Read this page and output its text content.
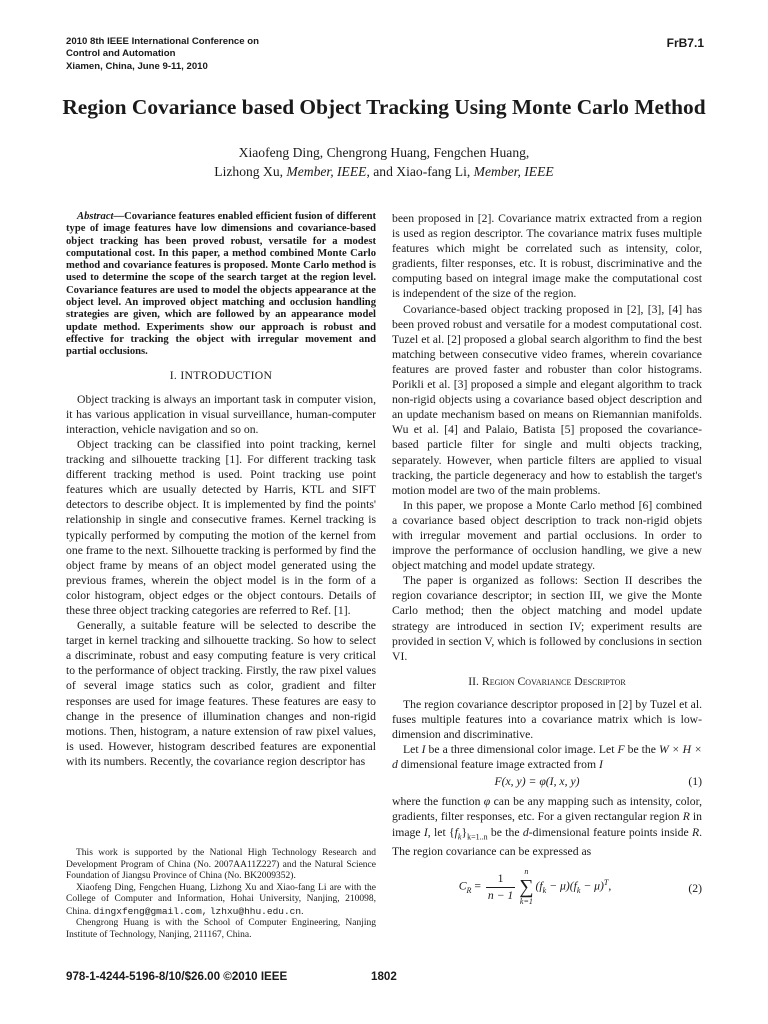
2010 8th IEEE International Conference on
Control and Automation
Xiamen, China, June 9-11, 2010
FrB7.1
Region Covariance based Object Tracking Using Monte Carlo Method
Xiaofeng Ding, Chengrong Huang, Fengchen Huang,
Lizhong Xu, Member, IEEE, and Xiao-fang Li, Member, IEEE

Abstract—Covariance features enabled efficient fusion of different type of image features have low dimensions and covariance-based object tracking has been proved robust, versatile for a modest computational cost. In this paper, a method combined Monte Carlo method and covariance features is proposed. Monte Carlo method is used to determine the scope of the search target at the region level. Covariance features are used to model the objects appearance at the object level. An improved object matching and occlusion handling strategies are given, which are followed by an appearance model update method. Experiments show our approach is robust and effective for tracking the object with irregular movement and partial occlusions.

I. INTRODUCTION

Object tracking is always an important task in computer vision, it has various application in visual surveillance, human-computer interaction, vehicle navigation and so on.

Object tracking can be classified into point tracking, kernel tracking and silhouette tracking [1]. For different tracking task different tracking method is used. Point tracking use point features which are usually detected by Harris, KTL and SIFT detectors to describe object. It is implemented by find the points' relationship in single and consecutive frames. Kernel tracking is typically performed by computing the motion of the kernel from one frame to the next. Silhouette tracking is performed by find the object frame by means of an object model generated using the previous frames, wherein the object model is in the form of a color histogram, object edges or the object contours. Details of these three object tracking categories are referred to Ref. [1].

Generally, a suitable feature will be selected to describe the target in kernel tracking and silhouette tracking. So how to select a discriminate, robust and easy computing feature is very critical to the performance of object tracking. Firstly, the raw pixel values of several image statics such as color, gradient and filter responses are used for image features. These features are easy to change in the presence of illumination changes and non-rigid motions. Then, histogram, a nature extension of raw pixel values, is used. However, histogram described features are exponential with its numbers. Recently, the covariance region descriptor has

This work is supported by the National High Technology Research and Development Program of China (No. 2007AA11Z227) and the Natural Science Foundation of Jiangsu Province of China (No. BK2009352).

Xiaofeng Ding, Fengchen Huang, Lizhong Xu and Xiao-fang Li are with the College of Computer and Information, Hohai University, Nanjing, 210098, China. dingxfeng@gmail.com, lzhxu@hhu.edu.cn.

Chengrong Huang is with the School of Computer Engineering, Nanjing Institute of Technology, Nanjing, 211167, China.

been proposed in [2]. Covariance matrix extracted from a region is used as region descriptor. The covariance matrix fuses multiple features which might be correlated such as intensity, color, gradients, filter responses, etc. It is robust, discriminative and the computing based on integral image make the computational cost is independent of the size of the region.

Covariance-based object tracking proposed in [2], [3], [4] has been proved robust and versatile for a modest computational cost. Tuzel et al. [2] proposed a global search algorithm to find the best matching between consecutive video frames, wherein covariance features are proved faster and robuster than color histograms. Porikli et al. [3] proposed a simple and elegant algorithm to track non-rigid objects using a covariance based object description and an update mechanism based on means on Riemannian manifolds. Wu et al. [4] and Palaio, Batista [5] proposed the covariance-based particle filter for single and multi objects tracking, separately. However, when particle filters are applied to visual tracking, the particle degeneracy and how to establish the target's motion model are two of the main problems.

In this paper, we propose a Monte Carlo method [6] combined a covariance based object description to track non-rigid objets with irregular movement and partial occlusions. In order to improve the performance of occlusion handling, we give a new object matching and model update strategy.

The paper is organized as follows: Section II describes the region covariance descriptor; in section III, we give the Monte Carlo method; then the object matching and model update strategy are introduced in section IV; experiment results are provided in section V, which is followed by conclusions in section VI.

II. Region Covariance Descriptor

The region covariance descriptor proposed in [2] by Tuzel et al. fuses multiple features into a covariance matrix which is low-dimension and discriminative.

Let I be a three dimensional color image. Let F be the W × H × d dimensional feature image extracted from I

F(x, y) = φ(I, x, y)	(1)

where the function φ can be any mapping such as intensity, color, gradients, filter responses, etc. For a given rectangular region R in image I, let $\{f_k\}_{k=1..n}$ be the d-dimensional feature points inside R. The region covariance can be expressed as

$C_R = \frac{1}{n - 1}$	n
∑
k=1
$(f_k - \mu)(f_k - \mu)^T$,	(2)
978-1-4244-5196-8/10/$26.00 ©2010 IEEE	1802
